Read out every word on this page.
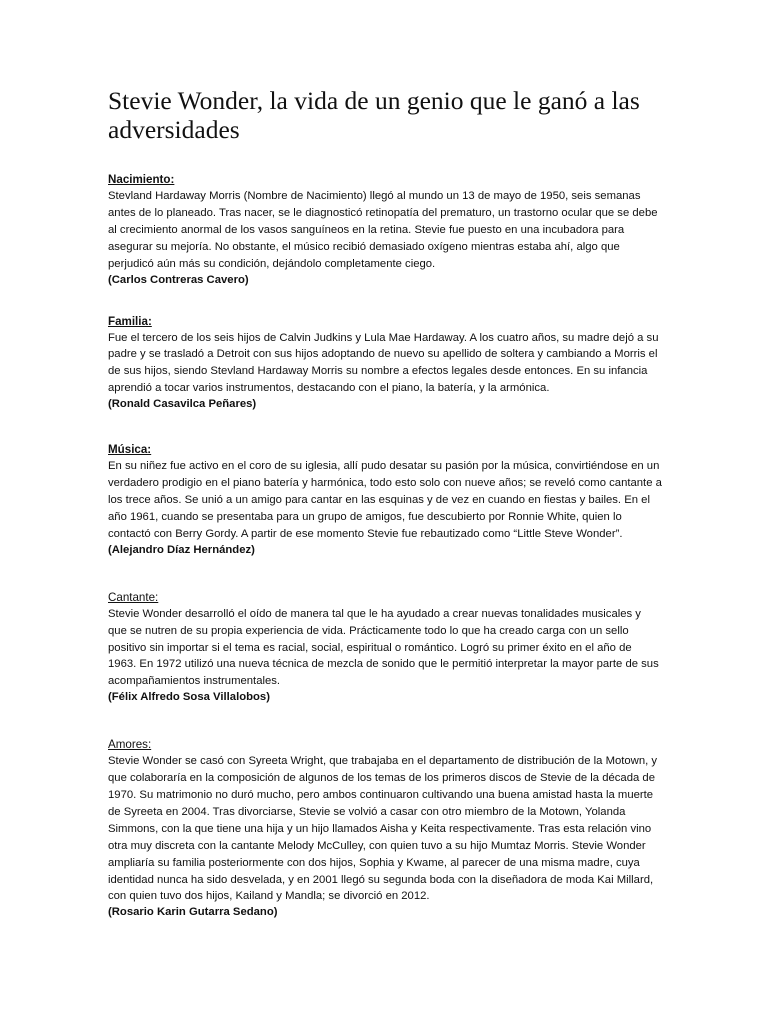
Stevie Wonder, la vida de un genio que le ganó a las adversidades
Nacimiento:

Stevland Hardaway Morris (Nombre de Nacimiento) llegó al mundo un 13 de mayo de 1950, seis semanas antes de lo planeado. Tras nacer, se le diagnosticó retinopatía del prematuro, un trastorno ocular que se debe al crecimiento anormal de los vasos sanguíneos en la retina. Stevie fue puesto en una incubadora para asegurar su mejoría. No obstante, el músico recibió demasiado oxígeno mientras estaba ahí, algo que perjudicó aún más su condición, dejándolo completamente ciego.

(Carlos Contreras Cavero)

Familia:

Fue el tercero de los seis hijos de Calvin Judkins y Lula Mae Hardaway. A los cuatro años, su madre dejó a su padre y se trasladó a Detroit con sus hijos adoptando de nuevo su apellido de soltera y cambiando a Morris el de sus hijos, siendo Stevland Hardaway Morris su nombre a efectos legales desde entonces. En su infancia aprendió a tocar varios instrumentos, destacando con el piano, la batería, y la armónica.

(Ronald Casavilca Peñares)

Música:

En su niñez fue activo en el coro de su iglesia, allí pudo desatar su pasión por la música, convirtiéndose en un verdadero prodigio en el piano batería y harmónica, todo esto solo con nueve años; se reveló como cantante a los trece años. Se unió a un amigo para cantar en las esquinas y de vez en cuando en fiestas y bailes. En el año 1961, cuando se presentaba para un grupo de amigos, fue descubierto por Ronnie White, quien lo contactó con Berry Gordy. A partir de ese momento Stevie fue rebautizado como “Little Steve Wonder”.

(Alejandro Díaz Hernández)

Cantante:

Stevie Wonder desarrolló el oído de manera tal que le ha ayudado a crear nuevas tonalidades musicales y que se nutren de su propia experiencia de vida. Prácticamente todo lo que ha creado carga con un sello positivo sin importar si el tema es racial, social, espiritual o romántico. Logró su primer éxito en el año de 1963. En 1972 utilizó una nueva técnica de mezcla de sonido que le permitió interpretar la mayor parte de sus acompañamientos instrumentales.

(Félix Alfredo Sosa Villalobos)

Amores:

Stevie Wonder se casó con Syreeta Wright, que trabajaba en el departamento de distribución de la Motown, y que colaboraría en la composición de algunos de los temas de los primeros discos de Stevie de la década de 1970. Su matrimonio no duró mucho, pero ambos continuaron cultivando una buena amistad hasta la muerte de Syreeta en 2004. Tras divorciarse, Stevie se volvió a casar con otro miembro de la Motown, Yolanda Simmons, con la que tiene una hija y un hijo llamados Aisha y Keita respectivamente. Tras esta relación vino otra muy discreta con la cantante Melody McCulley, con quien tuvo a su hijo Mumtaz Morris. Stevie Wonder ampliaría su familia posteriormente con dos hijos, Sophia y Kwame, al parecer de una misma madre, cuya identidad nunca ha sido desvelada, y en 2001 llegó su segunda boda con la diseñadora de moda Kai Millard, con quien tuvo dos hijos, Kailand y Mandla; se divorció en 2012.

(Rosario Karin Gutarra Sedano)
